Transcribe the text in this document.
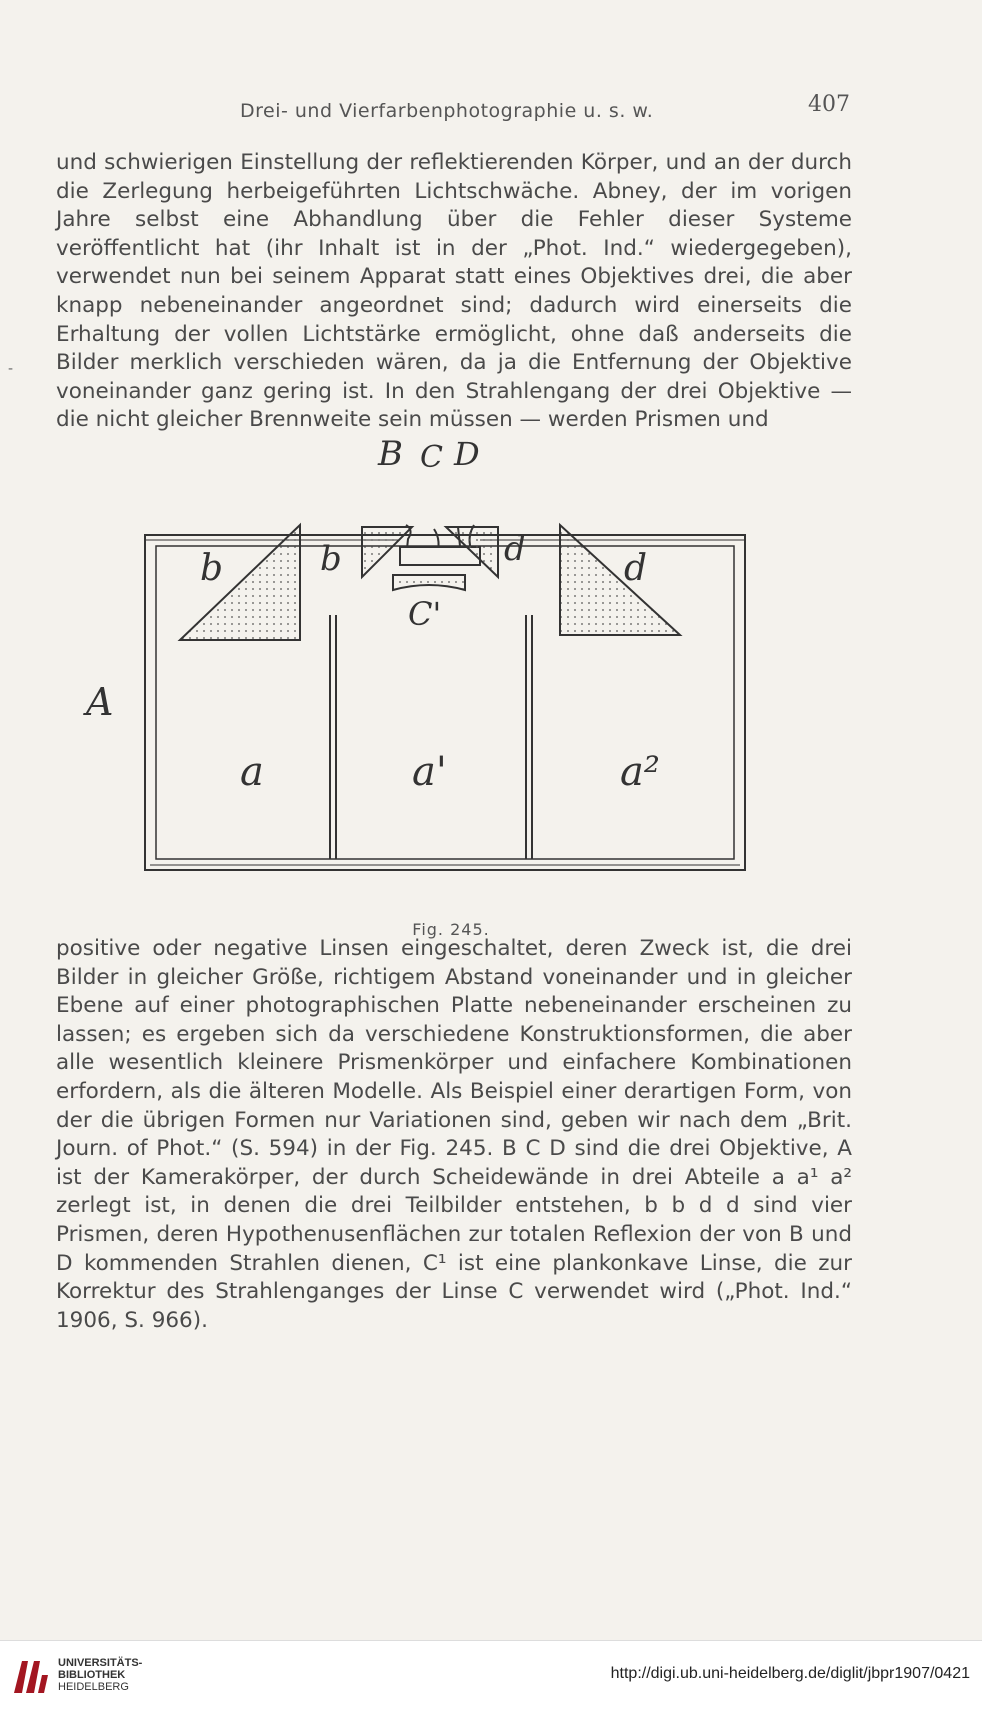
Drei- und Vierfarbenphotographie u. s. w.	407
und schwierigen Einstellung der reflektierenden Körper, und an der durch die Zerlegung herbeigeführten Lichtschwäche. Abney, der im vorigen Jahre selbst eine Abhandlung über die Fehler dieser Systeme veröffentlicht hat (ihr Inhalt ist in der „Phot. Ind.“ wiedergegeben), verwendet nun bei seinem Apparat statt eines Objektives drei, die aber knapp nebeneinander angeordnet sind; dadurch wird einerseits die Erhaltung der vollen Lichtstärke ermöglicht, ohne daß anderseits die Bilder merklich verschieden wären, da ja die Entfernung der Objektive voneinander ganz gering ist. In den Strahlengang der drei Objektive — die nicht gleicher Brennweite sein müssen — werden Prismen und
-
B C D
b	b	d	d
C'
A
a	a'	a²
Fig. 245.
positive oder negative Linsen eingeschaltet, deren Zweck ist, die drei Bilder in gleicher Größe, richtigem Abstand voneinander und in gleicher Ebene auf einer photographischen Platte nebeneinander erscheinen zu lassen; es ergeben sich da verschiedene Konstruktionsformen, die aber alle wesentlich kleinere Prismenkörper und einfachere Kombinationen erfordern, als die älteren Modelle. Als Beispiel einer derartigen Form, von der die übrigen Formen nur Variationen sind, geben wir nach dem „Brit. Journ. of Phot.“ (S. 594) in der Fig. 245. B C D sind die drei Objektive, A ist der Kamerakörper, der durch Scheidewände in drei Abteile a a¹ a² zerlegt ist, in denen die drei Teilbilder entstehen, b b d d sind vier Prismen, deren Hypothenusenflächen zur totalen Reflexion der von B und D kommenden Strahlen dienen, C¹ ist eine plankonkave Linse, die zur Korrektur des Strahlenganges der Linse C verwendet wird („Phot. Ind.“ 1906, S. 966).
UNIVERSITÄTS-
BIBLIOTHEK
HEIDELBERG
http://digi.ub.uni-heidelberg.de/diglit/jbpr1907/0421
